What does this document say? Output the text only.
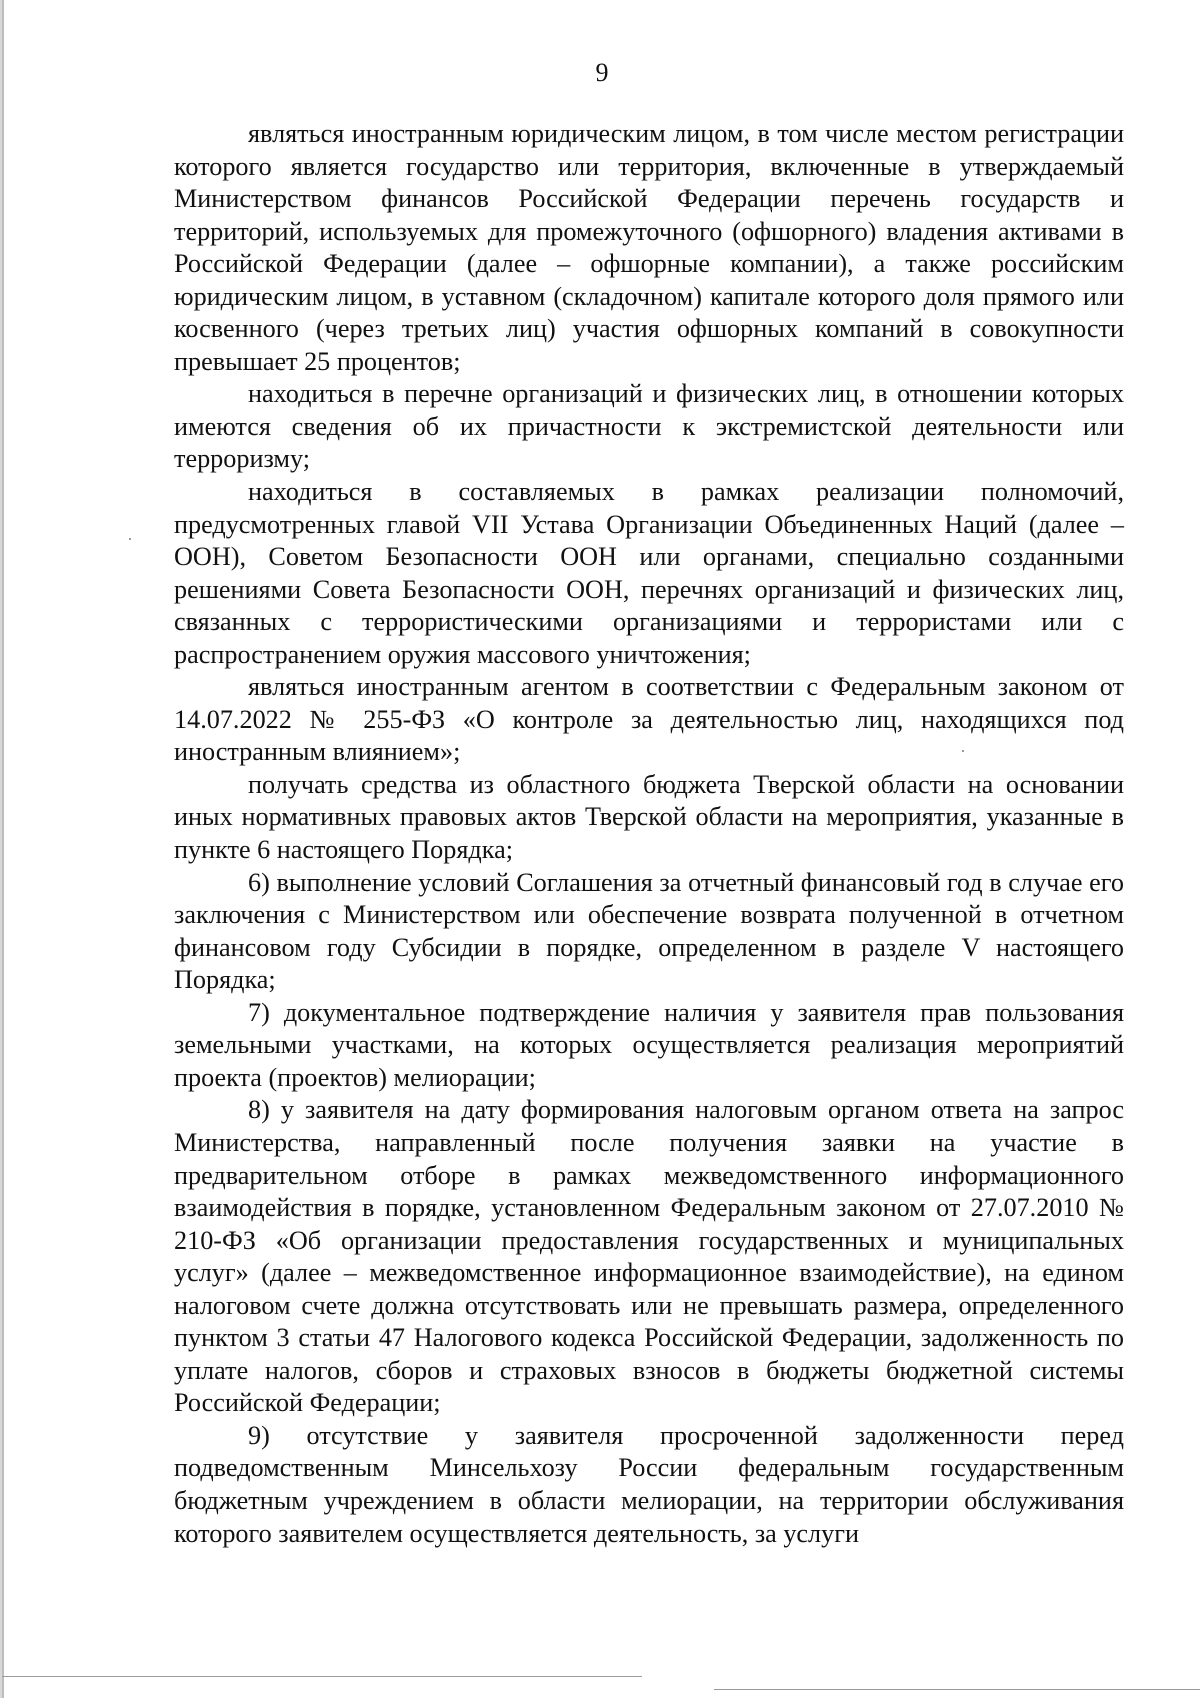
9

являться иностранным юридическим лицом, в том числе местом регистрации которого является государство или территория, включенные в утверждаемый Министерством финансов Российской Федерации перечень государств и территорий, используемых для промежуточного (офшорного) владения активами в Российской Федерации (далее – офшорные компании), а также российским юридическим лицом, в уставном (складочном) капитале которого доля прямого или косвенного (через третьих лиц) участия офшорных компаний в совокупности превышает 25 процентов;

находиться в перечне организаций и физических лиц, в отношении которых имеются сведения об их причастности к экстремистской деятельности или терроризму;

находиться в составляемых в рамках реализации полномочий, предусмотренных главой VII Устава Организации Объединенных Наций (далее – ООН), Советом Безопасности ООН или органами, специально созданными решениями Совета Безопасности ООН, перечнях организаций и физических лиц, связанных с террористическими организациями и террористами или с распространением оружия массового уничтожения;

являться иностранным агентом в соответствии с Федеральным законом от 14.07.2022 № 255-ФЗ «О контроле за деятельностью лиц, находящихся под иностранным влиянием»;

получать средства из областного бюджета Тверской области на основании иных нормативных правовых актов Тверской области на мероприятия, указанные в пункте 6 настоящего Порядка;

6) выполнение условий Соглашения за отчетный финансовый год в случае его заключения с Министерством или обеспечение возврата полученной в отчетном финансовом году Субсидии в порядке, определенном в разделе V настоящего Порядка;

7) документальное подтверждение наличия у заявителя прав пользования земельными участками, на которых осуществляется реализация мероприятий проекта (проектов) мелиорации;

8) у заявителя на дату формирования налоговым органом ответа на запрос Министерства, направленный после получения заявки на участие в предварительном отборе в рамках межведомственного информационного взаимодействия в порядке, установленном Федеральным законом от 27.07.2010 № 210-ФЗ «Об организации предоставления государственных и муниципальных услуг» (далее – межведомственное информационное взаимодействие), на едином налоговом счете должна отсутствовать или не превышать размера, определенного пунктом 3 статьи 47 Налогового кодекса Российской Федерации, задолженность по уплате налогов, сборов и страховых взносов в бюджеты бюджетной системы Российской Федерации;

9) отсутствие у заявителя просроченной задолженности перед подведомственным Минсельхозу России федеральным государственным бюджетным учреждением в области мелиорации, на территории обслуживания которого заявителем осуществляется деятельность, за услуги
